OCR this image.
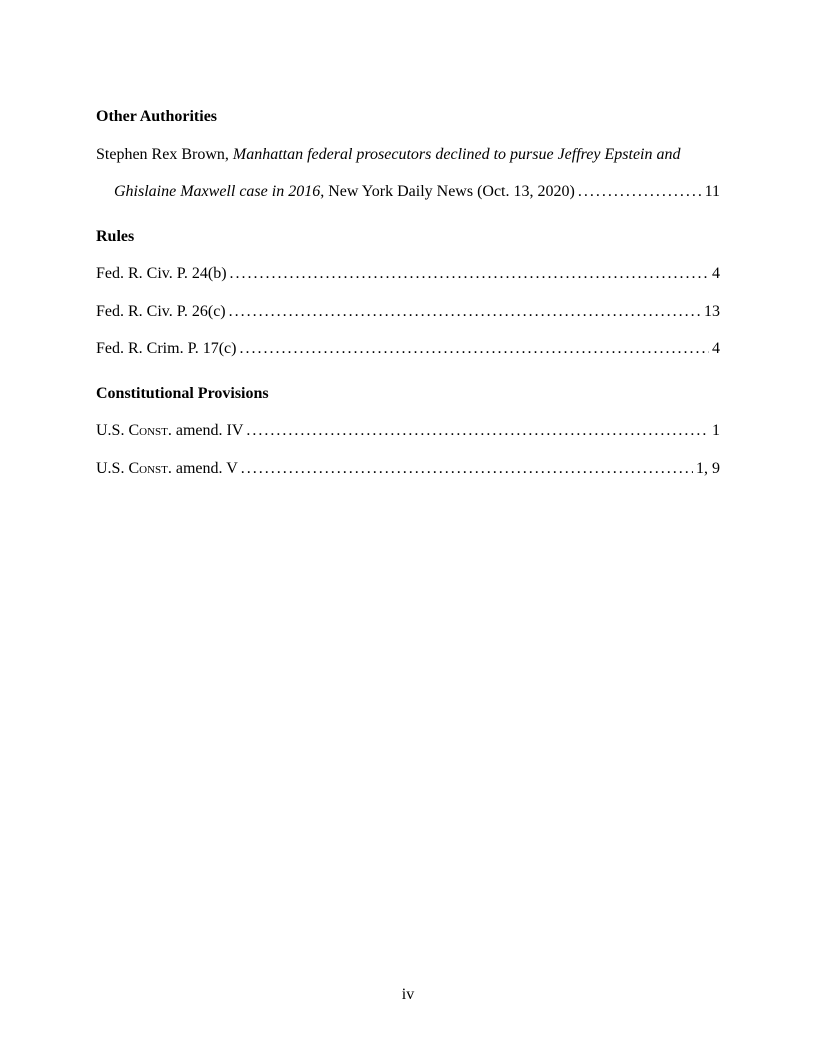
Other Authorities

Stephen Rex Brown, Manhattan federal prosecutors declined to pursue Jeffrey Epstein and

Ghislaine Maxwell case in 2016, New York Daily News (Oct. 13, 2020) .....	11

Rules

Fed. R. Civ. P. 24(b) .....	4

Fed. R. Civ. P. 26(c) .....	13

Fed. R. Crim. P. 17(c) .....	4

Constitutional Provisions

U.S. Const. amend. IV .....	1

U.S. Const. amend. V .....	1, 9

iv
